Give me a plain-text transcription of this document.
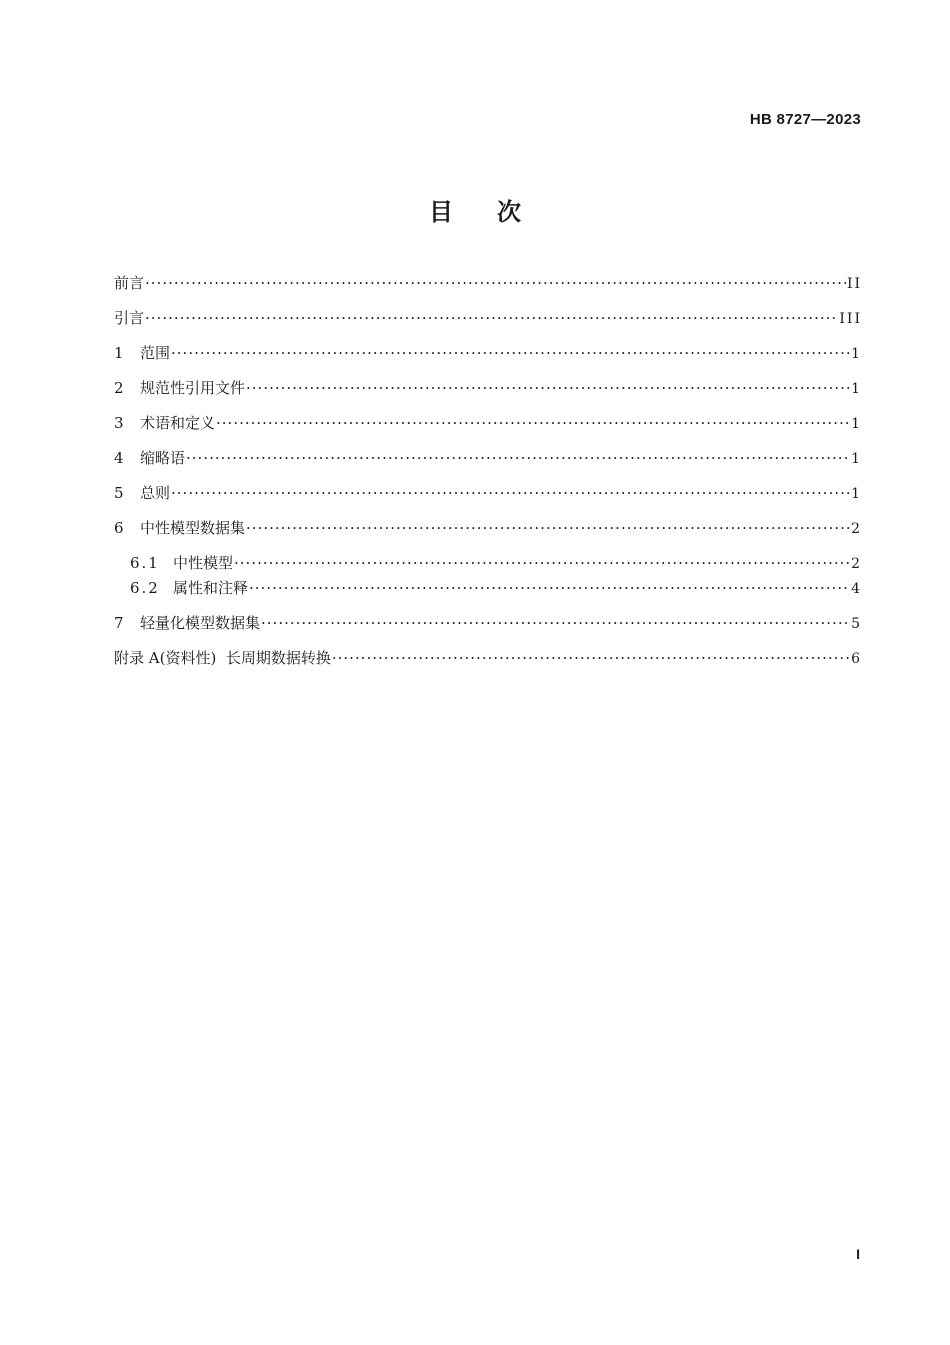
HB 8727—2023
目次
前言 ·····	II
引言 ·····	III
1	范围 ·····	1
2	规范性引用文件 ·····	1
3	术语和定义 ·····	1
4	缩略语 ·····	1
5	总则 ·····	1
6	中性模型数据集 ·····	2
6.1 中性模型 ·····	2
6.2 属性和注释 ·····	4
7	轻量化模型数据集 ·····	5
附录 A(资料性)  长周期数据转换 ·····	6
I
